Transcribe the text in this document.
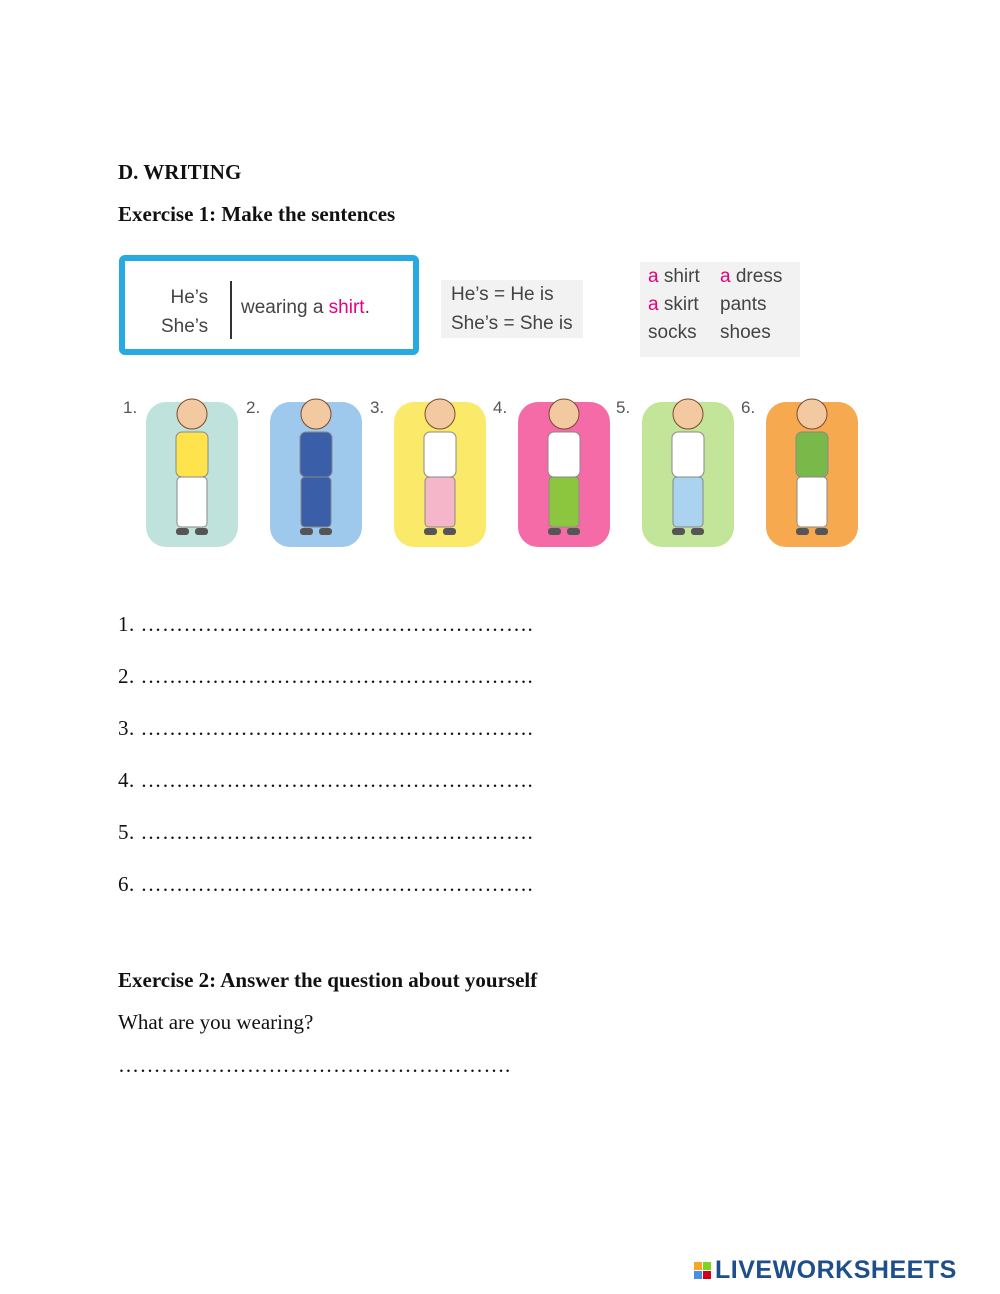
D. WRITING
Exercise 1: Make the sentences
He’s
She’s
wearing a shirt.
He’s = He is
She’s = She is
a shirt	a dress
a skirt	pants
socks	shoes
1.	2.	3.	4.	5.	6.
1. ……………………………………………….
2. ……………………………………………….
3. ……………………………………………….
4. ……………………………………………….
5. ……………………………………………….
6. ……………………………………………….
Exercise 2: Answer the question about yourself
What are you wearing?
……………………………………………….
LIVEWORKSHEETS
